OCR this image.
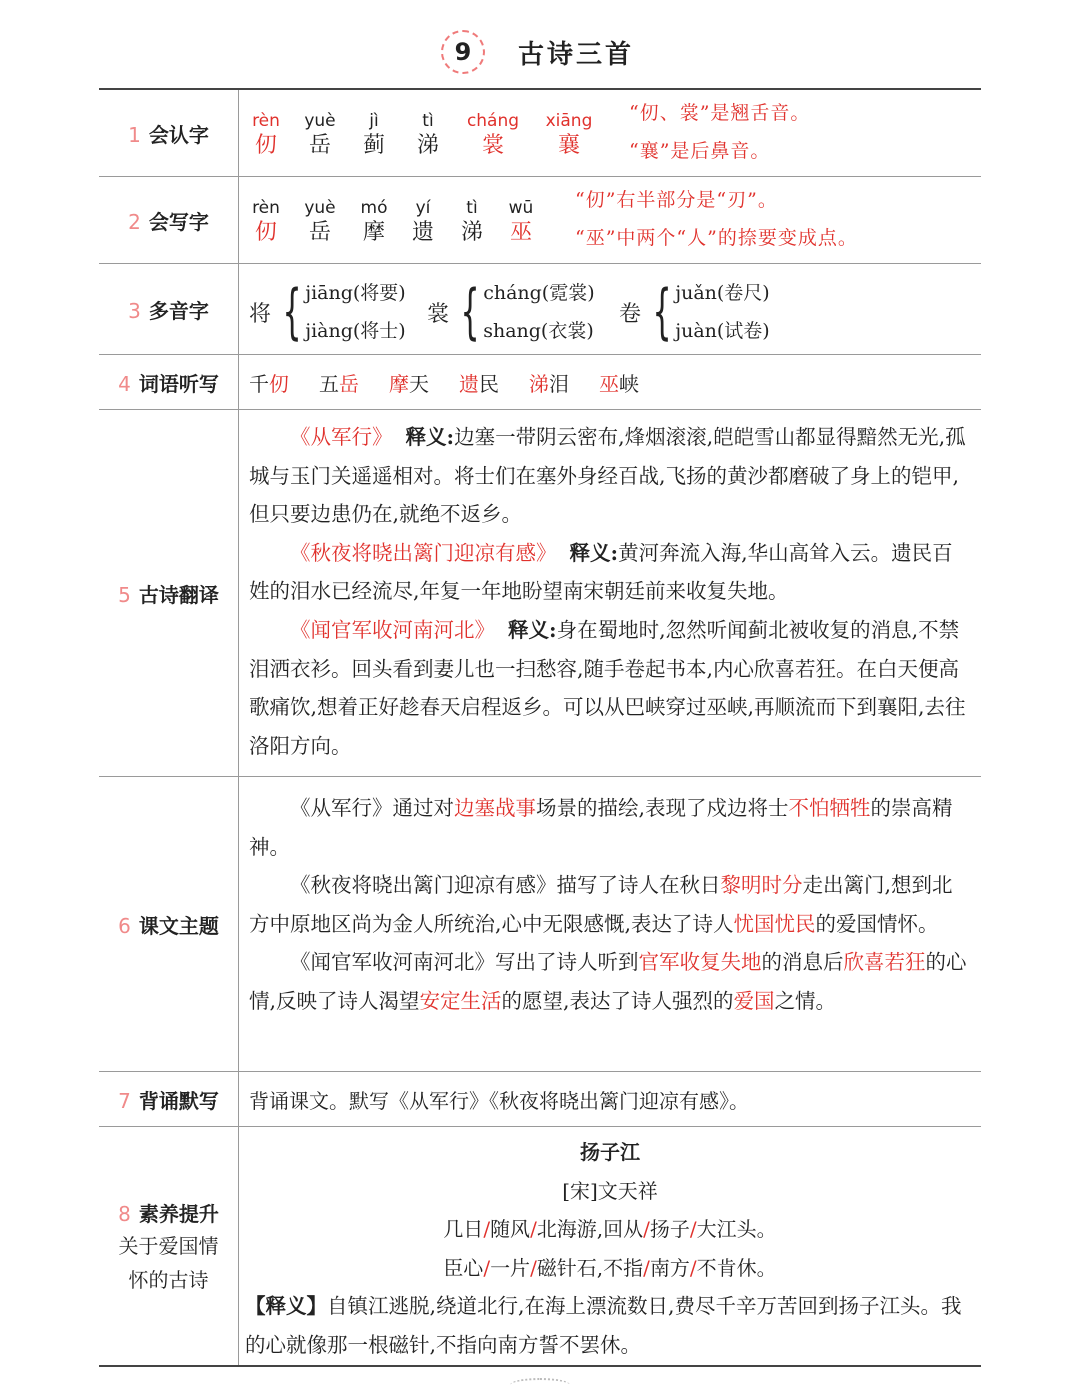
9 古诗三首
1 会认字
rèn
仞
yuè
岳
jì
蓟
tì
涕
cháng
裳
xiāng
襄
“仞、裳”是翘舌音。
“襄”是后鼻音。
2 会写字
rèn
仞
yuè
岳
mó
摩
yí
遗
tì
涕
wū
巫
“仞”右半部分是“刃”。
“巫”中两个“人”的捺要变成点。
3 多音字 将 { jiāng(将要)
jiàng(将士)
裳 { cháng(霓裳)
shang(衣裳)
卷 { juǎn(卷尺)
juàn(试卷)
4 词语听写 千仞 五岳 摩天 遗民 涕泪 巫峡
5 古诗翻译

《从军行》 释义:边塞一带阴云密布,烽烟滚滚,皑皑雪山都显得黯然无光,孤城与玉门关遥遥相对。将士们在塞外身经百战,飞扬的黄沙都磨破了身上的铠甲,但只要边患仍在,就绝不返乡。

《秋夜将晓出篱门迎凉有感》 释义:黄河奔流入海,华山高耸入云。遗民百姓的泪水已经流尽,年复一年地盼望南宋朝廷前来收复失地。

《闻官军收河南河北》 释义:身在蜀地时,忽然听闻蓟北被收复的消息,不禁泪洒衣衫。回头看到妻儿也一扫愁容,随手卷起书本,内心欣喜若狂。在白天便高歌痛饮,想着正好趁春天启程返乡。可以从巴峡穿过巫峡,再顺流而下到襄阳,去往洛阳方向。

6 课文主题

《从军行》通过对边塞战事场景的描绘,表现了戍边将士不怕牺牲的崇高精神。

《秋夜将晓出篱门迎凉有感》描写了诗人在秋日黎明时分走出篱门,想到北方中原地区尚为金人所统治,心中无限感慨,表达了诗人忧国忧民的爱国情怀。

《闻官军收河南河北》写出了诗人听到官军收复失地的消息后欣喜若狂的心情,反映了诗人渴望安定生活的愿望,表达了诗人强烈的爱国之情。

7 背诵默写 背诵课文。默写《从军行》《秋夜将晓出篱门迎凉有感》。
8 素养提升
关于爱国情
怀的古诗
扬子江
[宋]文天祥
几日/随风/北海游,回从/扬子/大江头。
臣心/一片/磁针石,不指/南方/不肯休。

【释义】自镇江逃脱,绕道北行,在海上漂流数日,费尽千辛万苦回到扬子江头。我的心就像那一根磁针,不指向南方誓不罢休。
